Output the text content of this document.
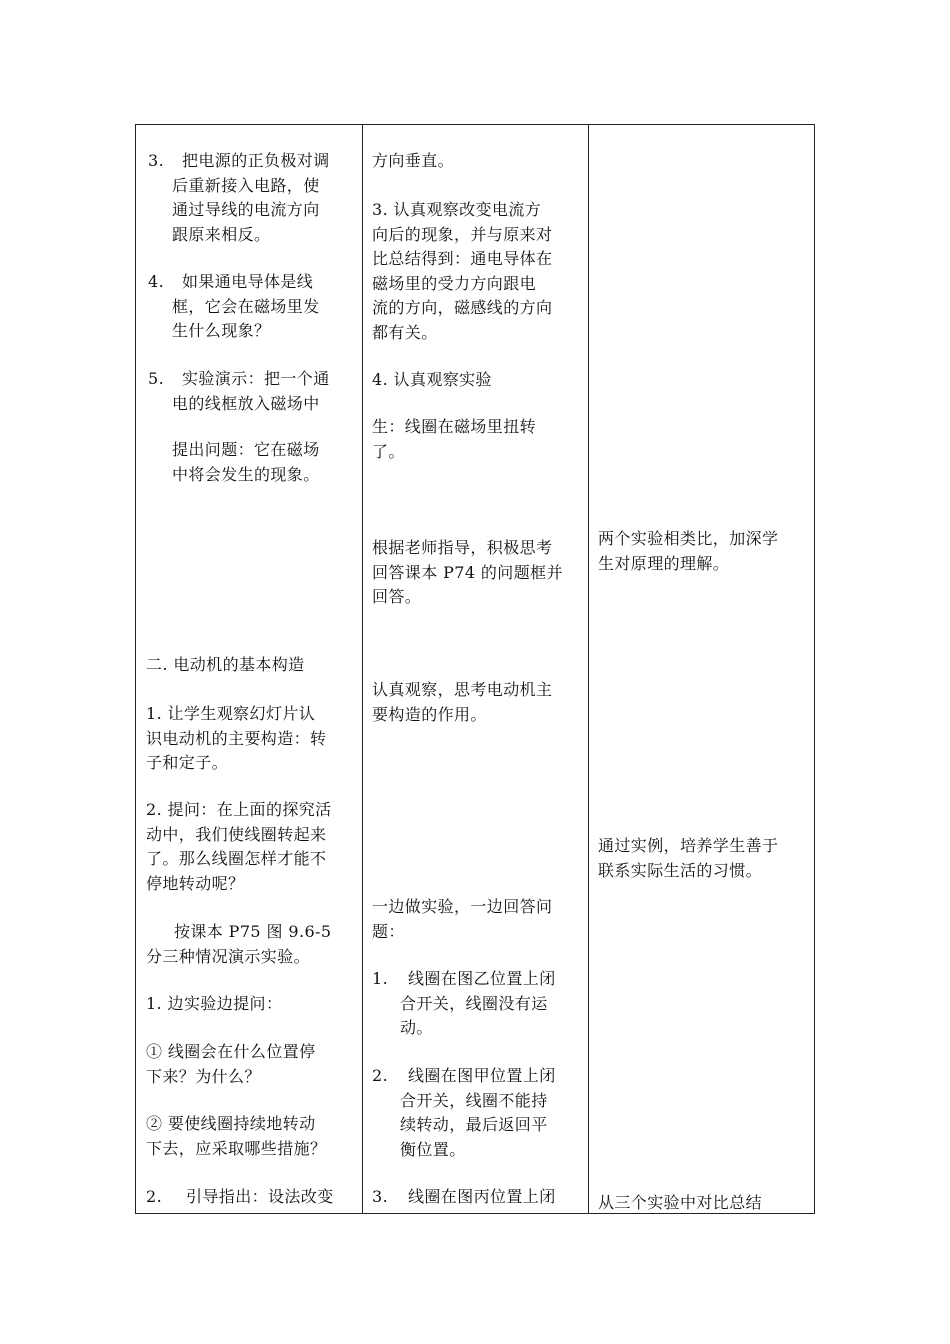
3. 把电源的正负极对调
后重新接入电路，使
通过导线的电流方向
跟原来相反。
4. 如果通电导体是线
框，它会在磁场里发
生什么现象？
5. 实验演示：把一个通
电的线框放入磁场中
提出问题：它在磁场
中将会发生的现象。
二. 电动机的基本构造
1. 让学生观察幻灯片认
识电动机的主要构造：转
子和定子。
2. 提问：在上面的探究活
动中，我们使线圈转起来
了。那么线圈怎样才能不
停地转动呢？
按课本 P75 图 9.6-5
分三种情况演示实验。
1. 边实验边提问：
① 线圈会在什么位置停
下来？为什么？
② 要使线圈持续地转动
下去，应采取哪些措施？
2. 引导指出：设法改变
方向垂直。
3. 认真观察改变电流方
向后的现象，并与原来对
比总结得到：通电导体在
磁场里的受力方向跟电
流的方向，磁感线的方向
都有关。
4. 认真观察实验
生：线圈在磁场里扭转
了。
根据老师指导，积极思考
回答课本 P74 的问题框并
回答。
认真观察，思考电动机主
要构造的作用。
一边做实验，一边回答问
题：
1. 线圈在图乙位置上闭
合开关，线圈没有运
动。
2. 线圈在图甲位置上闭
合开关，线圈不能持
续转动，最后返回平
衡位置。
3. 线圈在图丙位置上闭
两个实验相类比，加深学
生对原理的理解。
通过实例，培养学生善于
联系实际生活的习惯。
从三个实验中对比总结
